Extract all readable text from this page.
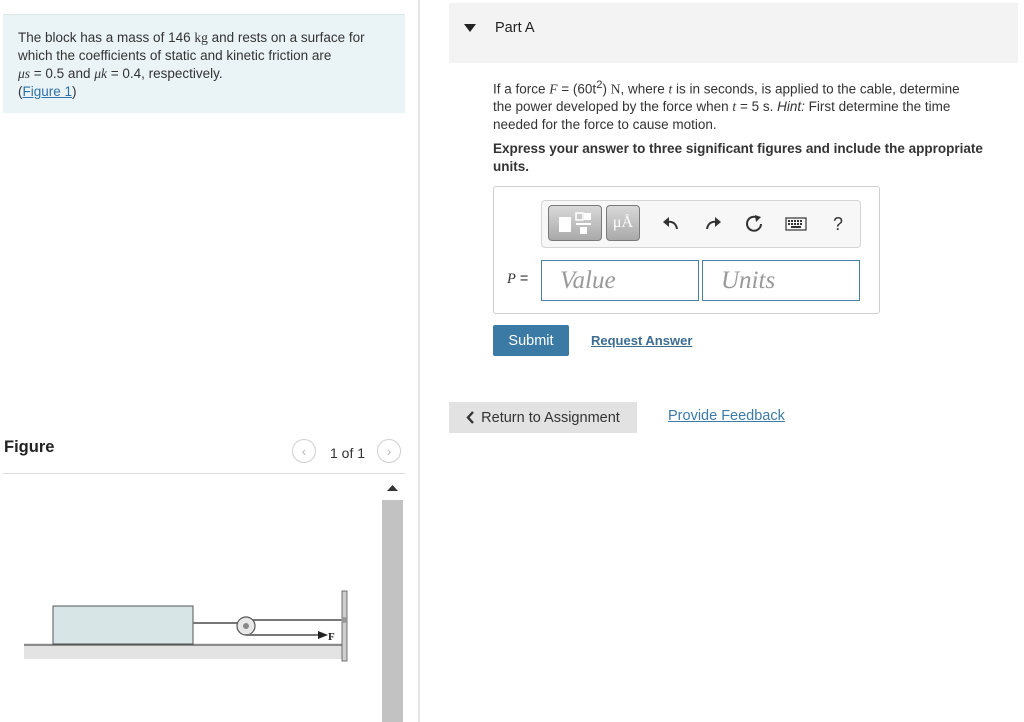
The block has a mass of 146 kg and rests on a surface for
which the coefficients of static and kinetic friction are
μs = 0.5 and μk = 0.4, respectively.
(Figure 1)
Figure	‹ 1 of 1 ›
F
Part A
If a force $F = (60t^2)$ N, where t is in seconds, is applied to the cable, determine
the power developed by the force when t = 5 s. Hint: First determine the time
needed for the force to cause motion.
Express your answer to three significant figures and include the appropriate units.
μÅ	?
P =
Value
Units
Submit	Request Answer
Return to Assignment	Provide Feedback
